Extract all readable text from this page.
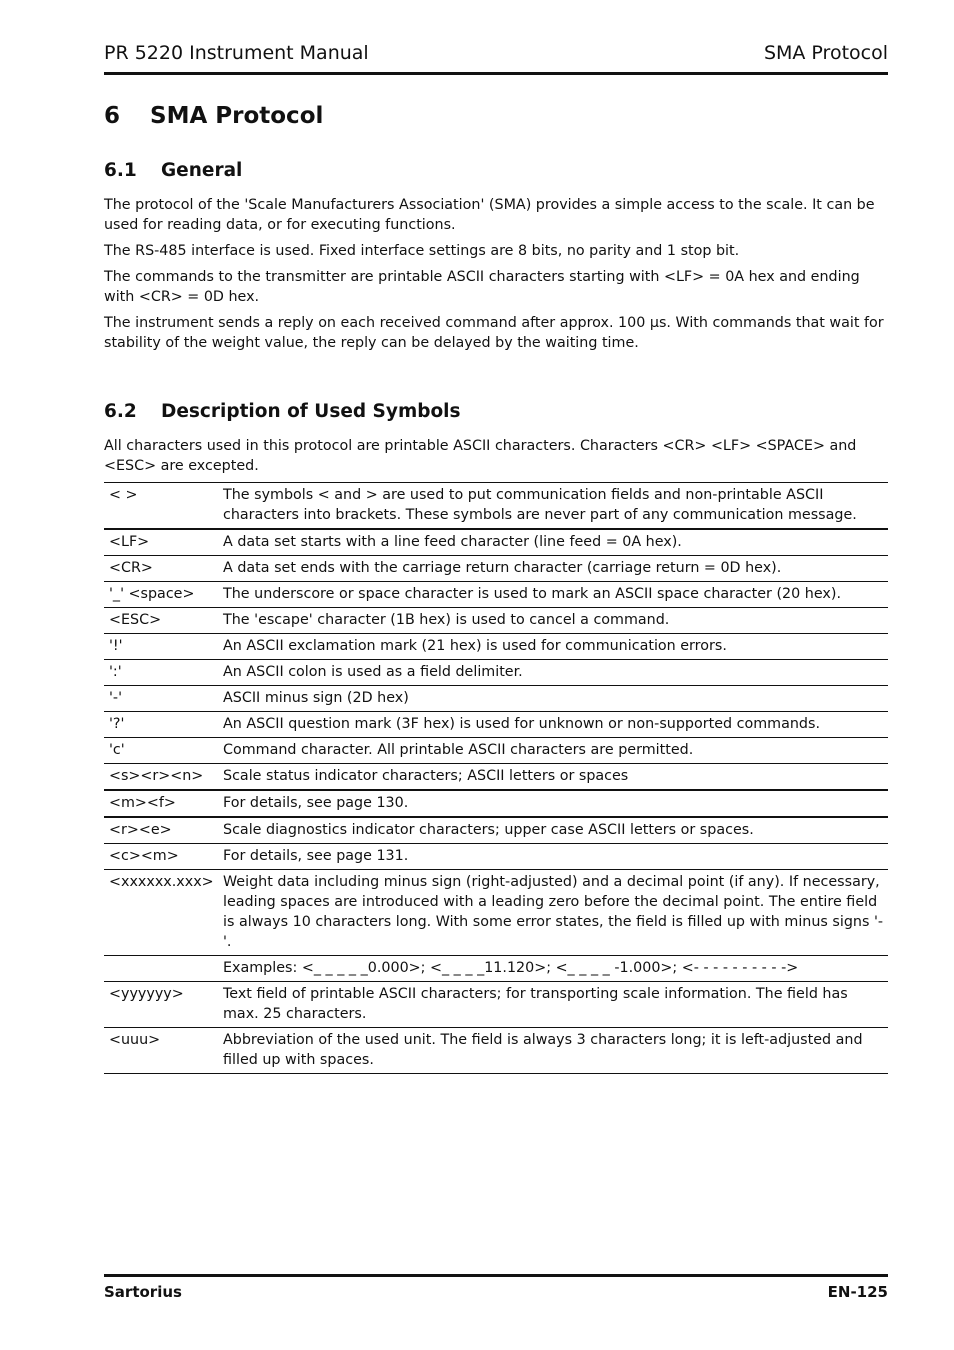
PR 5220 Instrument Manual	SMA Protocol
6 SMA Protocol
6.1 General

The protocol of the 'Scale Manufacturers Association' (SMA) provides a simple access to the scale. It can be used for reading data, or for executing functions.

The RS-485 interface is used. Fixed interface settings are 8 bits, no parity and 1 stop bit.

The commands to the transmitter are printable ASCII characters starting with <LF> = 0A hex and ending with <CR> = 0D hex.

The instrument sends a reply on each received command after approx. 100 µs. With commands that wait for stability of the weight value, the reply can be delayed by the waiting time.

6.2 Description of Used Symbols

All characters used in this protocol are printable ASCII characters. Characters <CR> <LF> <SPACE> and <ESC> are excepted.

< >	The symbols < and > are used to put communication fields and non-printable ASCII characters into brackets. These symbols are never part of any communication message.
<LF>	A data set starts with a line feed character (line feed = 0A hex).
<CR>	A data set ends with the carriage return character (carriage return = 0D hex).
'_' <space>	The underscore or space character is used to mark an ASCII space character (20 hex).
<ESC>	The 'escape' character (1B hex) is used to cancel a command.
'!'	An ASCII exclamation mark (21 hex) is used for communication errors.
':'	An ASCII colon is used as a field delimiter.
'-'	ASCII minus sign (2D hex)
'?'	An ASCII question mark (3F hex) is used for unknown or non-supported commands.
'c'	Command character. All printable ASCII characters are permitted.
<s><r><n>	Scale status indicator characters; ASCII letters or spaces
<m><f>	For details, see page 130.
<r><e>	Scale diagnostics indicator characters; upper case ASCII letters or spaces.
<c><m>	For details, see page 131.
<xxxxxx.xxx>	Weight data including minus sign (right-adjusted) and a decimal point (if any). If necessary, leading spaces are introduced with a leading zero before the decimal point. The entire field is always 10 characters long. With some error states, the field is filled up with minus signs '-'.
	Examples: <_ _ _ _ _0.000>; <_ _ _ _11.120>; <_ _ _ _ -1.000>; <- - - - - - - - - ->
<yyyyyy>	Text field of printable ASCII characters; for transporting scale information. The field has max. 25 characters.
<uuu>	Abbreviation of the used unit. The field is always 3 characters long; it is left-adjusted and filled up with spaces.
Sartorius	EN-125
